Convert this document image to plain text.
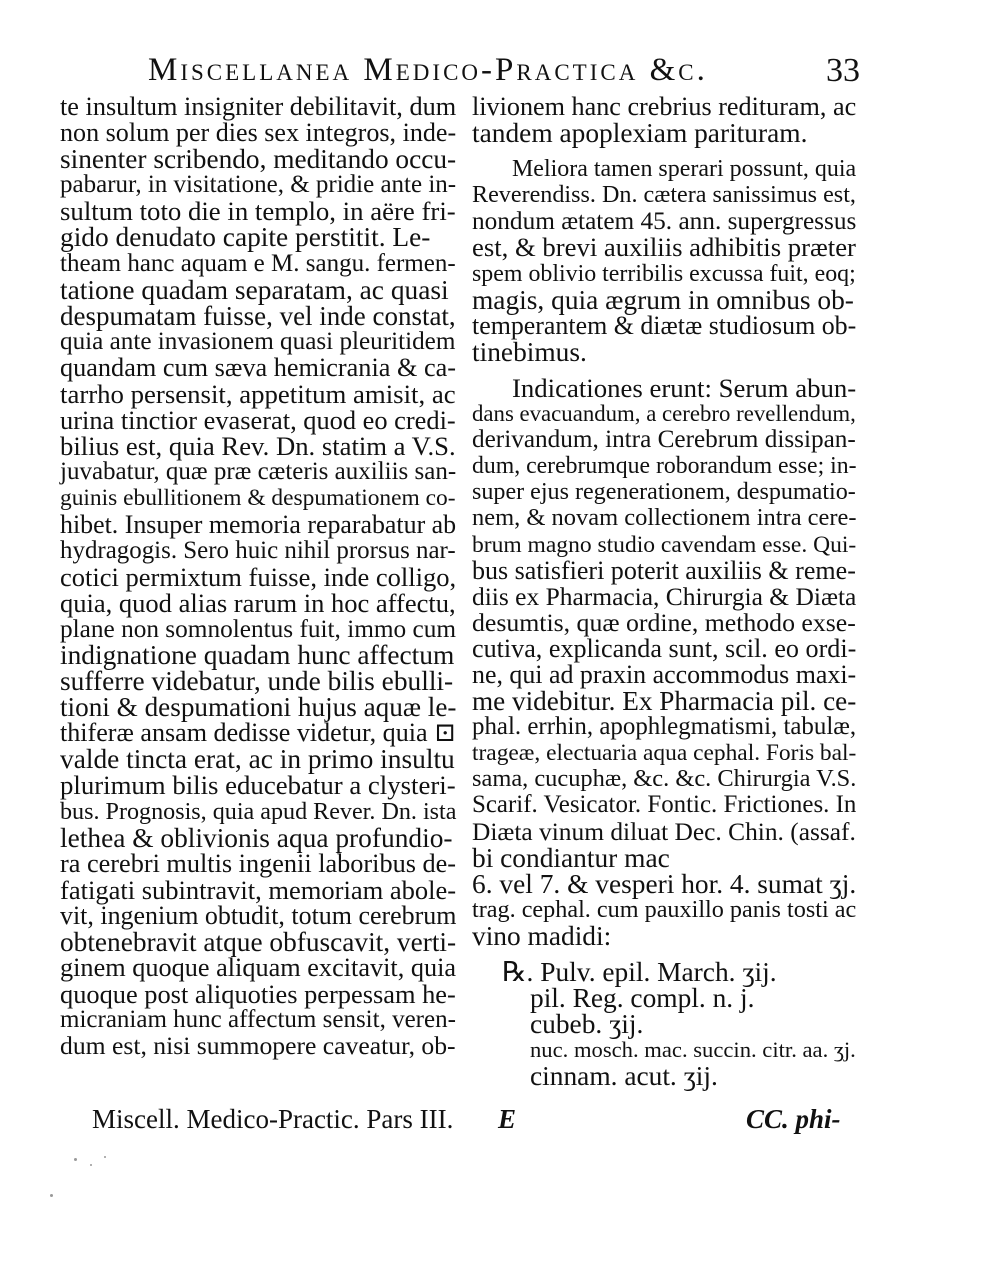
Miscellanea Medico-Practica &c.	33
te insultum insigniter debilitavit, dum
non solum per dies sex integros, inde-
sinenter scribendo, meditando occu-
pabarur, in visitatione, & pridie ante in-
sultum toto die in templo, in aëre fri-
gido denudato capite perstitit. Le-
theam hanc aquam e M. sangu. fermen-
tatione quadam separatam, ac quasi
despumatam fuisse, vel inde constat,
quia ante invasionem quasi pleuritidem
quandam cum sæva hemicrania & ca-
tarrho persensit, appetitum amisit, ac
urina tinctior evaserat, quod eo credi-
bilius est, quia Rev. Dn. statim a V.S.
juvabatur, quæ præ cæteris auxiliis san-
guinis ebullitionem & despumationem co-
hibet. Insuper memoria reparabatur ab
hydragogis. Sero huic nihil prorsus nar-
cotici permixtum fuisse, inde colligo,
quia, quod alias rarum in hoc affectu,
plane non somnolentus fuit, immo cum
indignatione quadam hunc affectum
sufferre videbatur, unde bilis ebulli-
tioni & despumationi hujus aquæ le-
thiferæ ansam dedisse videtur, quia ⊡
valde tincta erat, ac in primo insultu
plurimum bilis educebatur a clysteri-
bus. Prognosis, quia apud Rever. Dn. ista
lethea & oblivionis aqua profundio-
ra cerebri multis ingenii laboribus de-
fatigati subintravit, memoriam abole-
vit, ingenium obtudit, totum cerebrum
obtenebravit atque obfuscavit, verti-
ginem quoque aliquam excitavit, quia
quoque post aliquoties perpessam he-
micraniam hunc affectum sensit, veren-
dum est, nisi summopere caveatur, ob-
livionem hanc crebrius redituram, ac
tandem apoplexiam parituram.
Meliora tamen sperari possunt, quia
Reverendiss. Dn. cætera sanissimus est,
nondum ætatem 45. ann. supergressus
est, & brevi auxiliis adhibitis præter
spem oblivio terribilis excussa fuit, eoq;
magis, quia ægrum in omnibus ob-
temperantem & diætæ studiosum ob-
tinebimus.
Indicationes erunt: Serum abun-
dans evacuandum, a cerebro revellendum,
derivandum, intra Cerebrum dissipan-
dum, cerebrumque roborandum esse; in-
super ejus regenerationem, despumatio-
nem, & novam collectionem intra cere-
brum magno studio cavendam esse. Qui-
bus satisfieri poterit auxiliis & reme-
diis ex Pharmacia, Chirurgia & Diæta
desumtis, quæ ordine, methodo exse-
cutiva, explicanda sunt, scil. eo ordi-
ne, qui ad praxin accommodus maxi-
me videbitur. Ex Pharmacia pil. ce-
phal. errhin, apophlegmatismi, tabulæ,
trageæ, electuaria aqua cephal. Foris bal-
sama, cucuphæ, &c. &c. Chirurgia V.S.
Scarif. Vesicator. Fontic. Frictiones. In
Diæta vinum diluat Dec. Chin. (assaf.
bi condiantur mac
6. vel 7. & vesperi hor. 4. sumat ʒj.
trag. cephal. cum pauxillo panis tosti ac
vino madidi:
℞. Pulv. epil. March. ʒij.
pil. Reg. compl. n. j.
cubeb. ʒij.
nuc. mosch. mac. succin. citr. aa. ʒj.
cinnam. acut. ʒij.
Miscell. Medico-Practic. Pars III. E	CC. phi-
